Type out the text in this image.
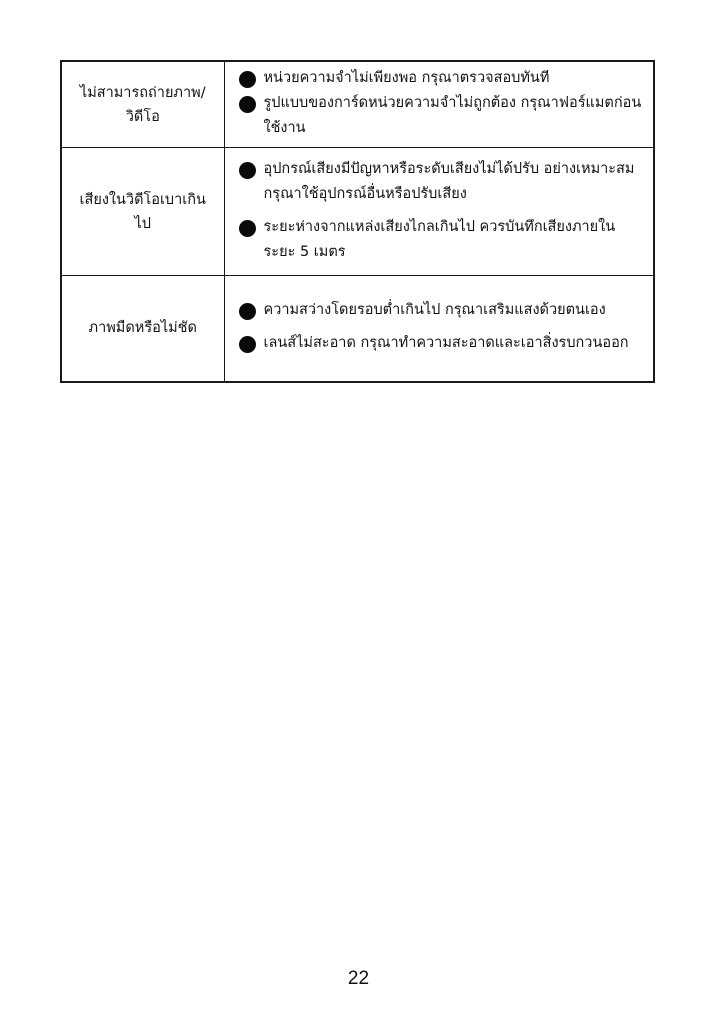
ไม่สามารถถ่ายภาพ/วิดีโอ	หน่วยความจำไม่เพียงพอ กรุณาตรวจสอบทันที
รูปแบบของการ์ดหน่วยความจำไม่ถูกต้อง กรุณาฟอร์แมตก่อนใช้งาน

เสียงในวิดีโอเบาเกินไป	อุปกรณ์เสียงมีปัญหาหรือระดับเสียงไม่ได้ปรับ อย่างเหมาะสม กรุณาใช้อุปกรณ์อื่นหรือปรับเสียง
ระยะห่างจากแหล่งเสียงไกลเกินไป ควรบันทึกเสียงภายในระยะ 5 เมตร

ภาพมืดหรือไม่ชัด	ความสว่างโดยรอบต่ำเกินไป กรุณาเสริมแสงด้วยตนเอง
เลนส์ไม่สะอาด กรุณาทำความสะอาดและเอาสิ่งรบกวนออก
22
